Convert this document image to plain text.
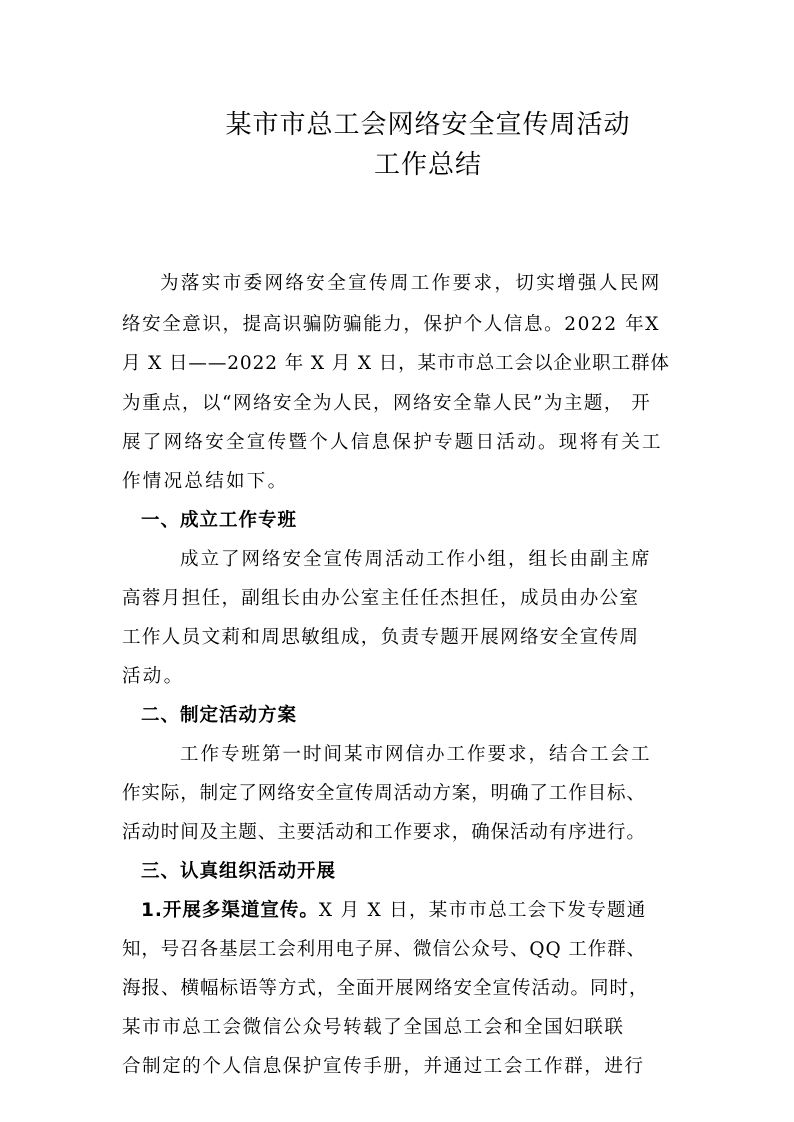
某市市总工会网络安全宣传周活动
工作总结
为落实市委网络安全宣传周工作要求，切实增强人民网
络安全意识，提高识骗防骗能力，保护个人信息。2022 年X
月 X 日——2022 年 X 月 X 日，某市市总工会以企业职工群体
为重点，以“网络安全为人民，网络安全靠人民”为主题， 开
展了网络安全宣传暨个人信息保护专题日活动。现将有关工
作情况总结如下。
一、成立工作专班
成立了网络安全宣传周活动工作小组，组长由副主席
高蓉月担任，副组长由办公室主任任杰担任，成员由办公室
工作人员文莉和周思敏组成，负责专题开展网络安全宣传周
活动。
二、制定活动方案
工作专班第一时间某市网信办工作要求，结合工会工
作实际，制定了网络安全宣传周活动方案，明确了工作目标、
活动时间及主题、主要活动和工作要求，确保活动有序进行。
三、认真组织活动开展
1.开展多渠道宣传。X 月 X 日，某市市总工会下发专题通
知，号召各基层工会利用电子屏、微信公众号、QQ 工作群、
海报、横幅标语等方式，全面开展网络安全宣传活动。同时，
某市市总工会微信公众号转载了全国总工会和全国妇联联
合制定的个人信息保护宣传手册，并通过工会工作群，进行
